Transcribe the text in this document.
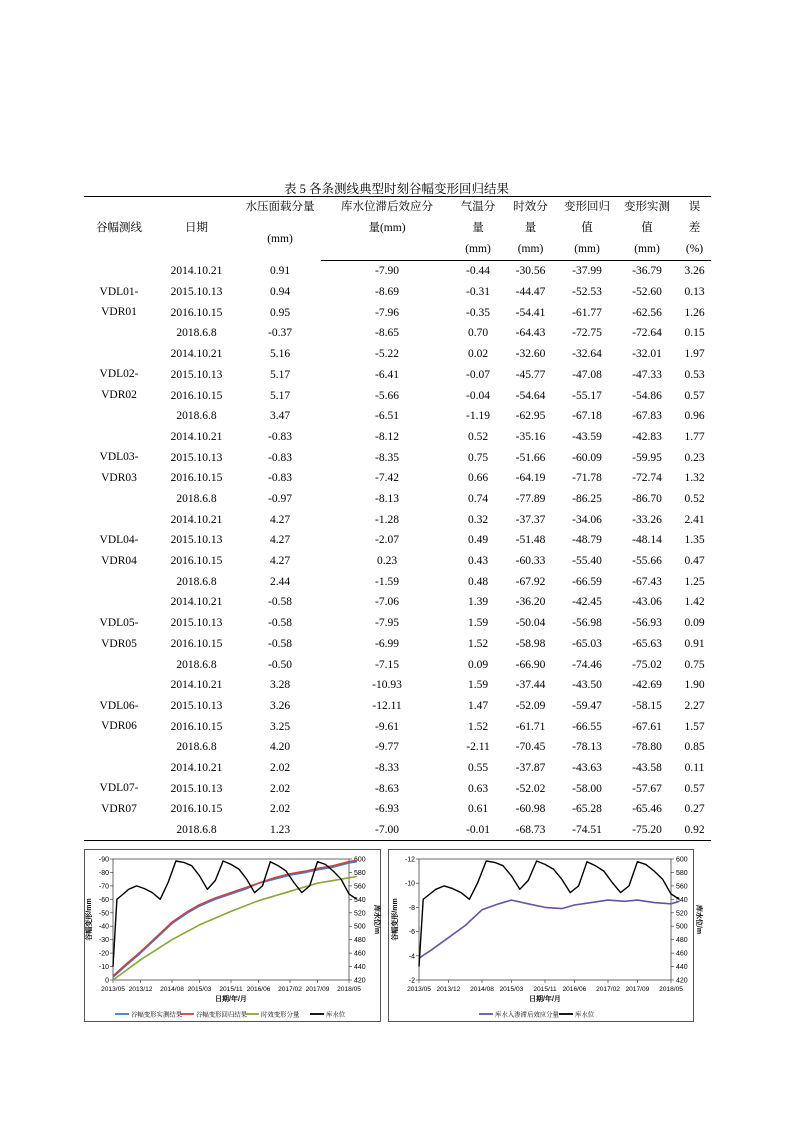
表 5 各条测线典型时刻谷幅变形回归结果
谷幅测线	日期	水压面载分量	库水位滞后效应分	气温分	时效分	变形回归	变形实测	误
		(mm)	量(mm)	量	量	值	值	差
				(mm)	(mm)	(mm)	(mm)	(%)
	2014.10.21	0.91	-7.90	-0.44	-30.56	-37.99	-36.79	3.26
VDL01-	2015.10.13	0.94	-8.69	-0.31	-44.47	-52.53	-52.60	0.13
VDR01	2016.10.15	0.95	-7.96	-0.35	-54.41	-61.77	-62.56	1.26
	2018.6.8	-0.37	-8.65	0.70	-64.43	-72.75	-72.64	0.15
	2014.10.21	5.16	-5.22	0.02	-32.60	-32.64	-32.01	1.97
VDL02-	2015.10.13	5.17	-6.41	-0.07	-45.77	-47.08	-47.33	0.53
VDR02	2016.10.15	5.17	-5.66	-0.04	-54.64	-55.17	-54.86	0.57
	2018.6.8	3.47	-6.51	-1.19	-62.95	-67.18	-67.83	0.96
	2014.10.21	-0.83	-8.12	0.52	-35.16	-43.59	-42.83	1.77
VDL03-	2015.10.13	-0.83	-8.35	0.75	-51.66	-60.09	-59.95	0.23
VDR03	2016.10.15	-0.83	-7.42	0.66	-64.19	-71.78	-72.74	1.32
	2018.6.8	-0.97	-8.13	0.74	-77.89	-86.25	-86.70	0.52
	2014.10.21	4.27	-1.28	0.32	-37.37	-34.06	-33.26	2.41
VDL04-	2015.10.13	4.27	-2.07	0.49	-51.48	-48.79	-48.14	1.35
VDR04	2016.10.15	4.27	0.23	0.43	-60.33	-55.40	-55.66	0.47
	2018.6.8	2.44	-1.59	0.48	-67.92	-66.59	-67.43	1.25
	2014.10.21	-0.58	-7.06	1.39	-36.20	-42.45	-43.06	1.42
VDL05-	2015.10.13	-0.58	-7.95	1.59	-50.04	-56.98	-56.93	0.09
VDR05	2016.10.15	-0.58	-6.99	1.52	-58.98	-65.03	-65.63	0.91
	2018.6.8	-0.50	-7.15	0.09	-66.90	-74.46	-75.02	0.75
	2014.10.21	3.28	-10.93	1.59	-37.44	-43.50	-42.69	1.90
VDL06-	2015.10.13	3.26	-12.11	1.47	-52.09	-59.47	-58.15	2.27
VDR06	2016.10.15	3.25	-9.61	1.52	-61.71	-66.55	-67.61	1.57
	2018.6.8	4.20	-9.77	-2.11	-70.45	-78.13	-78.80	0.85
	2014.10.21	2.02	-8.33	0.55	-37.87	-43.63	-43.58	0.11
VDL07-	2015.10.13	2.02	-8.63	0.63	-52.02	-58.00	-57.67	0.57
VDR07	2016.10.15	2.02	-6.93	0.61	-60.98	-65.28	-65.46	0.27
	2018.6.8	1.23	-7.00	-0.01	-68.73	-74.51	-75.20	0.92
-90
-80
-70
-60
-50
-40
-30
-20
-10
0
600
580
560
540
520
500
480
460
440
420
2013/05 2013/12 2014/08 2015/03 2015/11 2016/06 2017/02 2017/09 2018/05
日期/年/月
谷幅变形/mm	库水位/m
谷幅变形实测结果 谷幅变形回归结果 时效变形分量	库水位
-12
-10
-8
-6
-4
-2
600
580
560
540
520
500
480
460
440
420
2013/05 2013/12 2014/08 2015/03 2015/11 2016/06 2017/02 2017/09 2018/05
日期/年/月
谷幅变形/mm	库水位/m
库水入渗滞后效应分量	库水位
